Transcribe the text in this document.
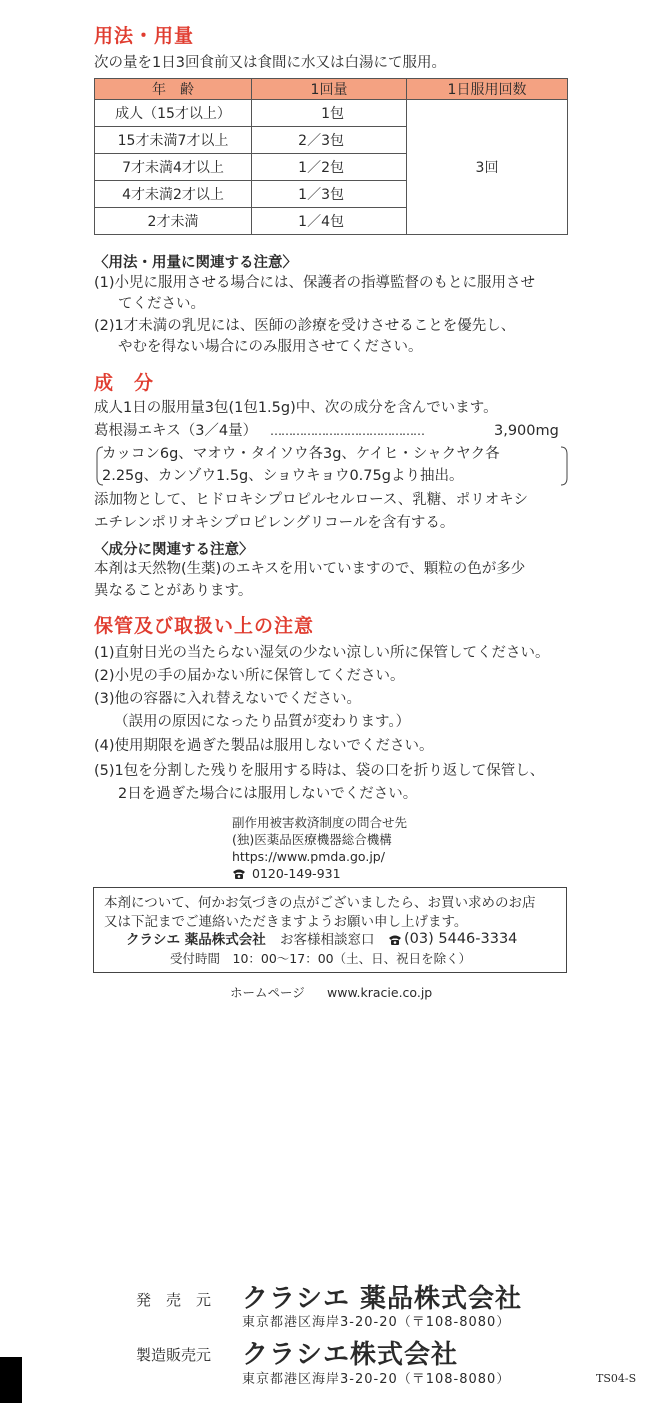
用法・用量
次の量を1日3回食前又は食間に水又は白湯にて服用。
年　齢	1回量	1日服用回数
成人（15才以上）	1包	3回
15才未満7才以上	2／3包	
7才未満4才以上	1／2包	
4才未満2才以上	1／3包	
2才未満	1／4包	
〈用法・用量に関連する注意〉
(1)小児に服用させる場合には、保護者の指導監督のもとに服用させ
てください。
(2)1才未満の乳児には、医師の診療を受けさせることを優先し、
やむを得ない場合にのみ服用させてください。
成　分
成人1日の服用量3包(1包1.5g)中、次の成分を含んでいます。
葛根湯エキス（3／4量） ……………………………………	3,900mg
カッコン6g、マオウ・タイソウ各3g、ケイヒ・シャクヤク各
2.25g、カンゾウ1.5g、ショウキョウ0.75gより抽出。
添加物として、ヒドロキシプロピルセルロース、乳糖、ポリオキシ
エチレンポリオキシプロピレングリコールを含有する。
〈成分に関連する注意〉
本剤は天然物(生薬)のエキスを用いていますので、顆粒の色が多少
異なることがあります。
保管及び取扱い上の注意
(1)直射日光の当たらない湿気の少ない涼しい所に保管してください。
(2)小児の手の届かない所に保管してください。
(3)他の容器に入れ替えないでください。
（誤用の原因になったり品質が変わります。）
(4)使用期限を過ぎた製品は服用しないでください。
(5)1包を分割した残りを服用する時は、袋の口を折り返して保管し、
2日を過ぎた場合には服用しないでください。
副作用被害救済制度の問合せ先
(独)医薬品医療機器総合機構
https://www.pmda.go.jp/
0120-149-931
本剤について、何かお気づきの点がございましたら、お買い求めのお店
又は下記までご連絡いただきますようお願い申し上げます。
クラシエ 薬品株式会社 お客様相談窓口 (03) 5446-3334
受付時間　10：00～17：00（土、日、祝日を除く）
ホームページ www.kracie.co.jp
発　売　元 クラシエ 薬品株式会社
東京都港区海岸3-20-20（〒108-8080）
製造販売元 クラシエ株式会社
東京都港区海岸3-20-20（〒108-8080）	TS04-S
